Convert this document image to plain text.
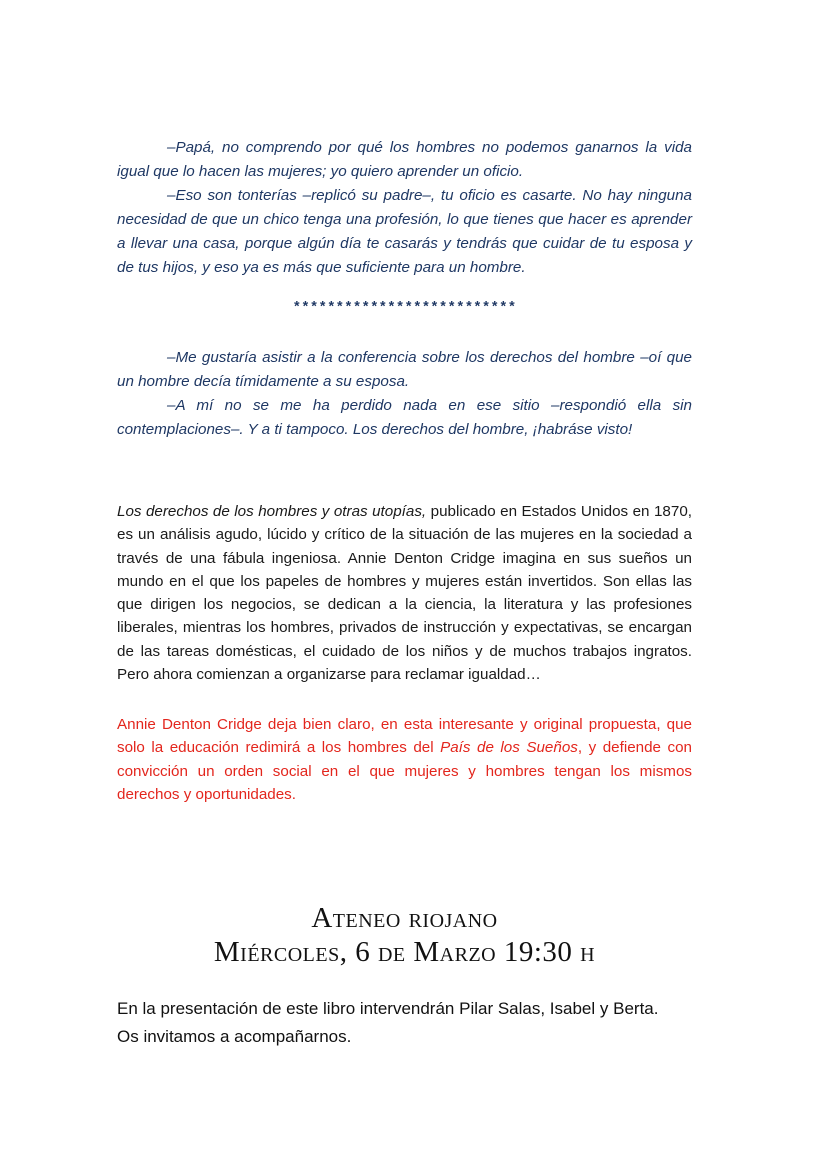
–Papá, no comprendo por qué los hombres no podemos ganarnos la vida igual que lo hacen las mujeres; yo quiero aprender un oficio.

–Eso son tonterías –replicó su padre–, tu oficio es casarte. No hay ninguna necesidad de que un chico tenga una profesión, lo que tienes que hacer es aprender a llevar una casa, porque algún día te casarás y tendrás que cuidar de tu esposa y de tus hijos, y eso ya es más que suficiente para un hombre.

**************************

–Me gustaría asistir a la conferencia sobre los derechos del hombre –oí que un hombre decía tímidamente a su esposa.

–A mí no se me ha perdido nada en ese sitio –respondió ella sin contemplaciones–. Y a ti tampoco. Los derechos del hombre, ¡habráse visto!

Los derechos de los hombres y otras utopías, publicado en Estados Unidos en 1870, es un análisis agudo, lúcido y crítico de la situación de las mujeres en la sociedad a través de una fábula ingeniosa. Annie Denton Cridge imagina en sus sueños un mundo en el que los papeles de hombres y mujeres están invertidos. Son ellas las que dirigen los negocios, se dedican a la ciencia, la literatura y las profesiones liberales, mientras los hombres, privados de instrucción y expectativas, se encargan de las tareas domésticas, el cuidado de los niños y de muchos trabajos ingratos. Pero ahora comienzan a organizarse para reclamar igualdad…

Annie Denton Cridge deja bien claro, en esta interesante y original propuesta, que solo la educación redimirá a los hombres del País de los Sueños, y defiende con convicción un orden social en el que mujeres y hombres tengan los mismos derechos y oportunidades.

Ateneo riojano
Miércoles, 6 de Marzo 19:30 h
En la presentación de este libro intervendrán Pilar Salas, Isabel y Berta.
Os invitamos a acompañarnos.
